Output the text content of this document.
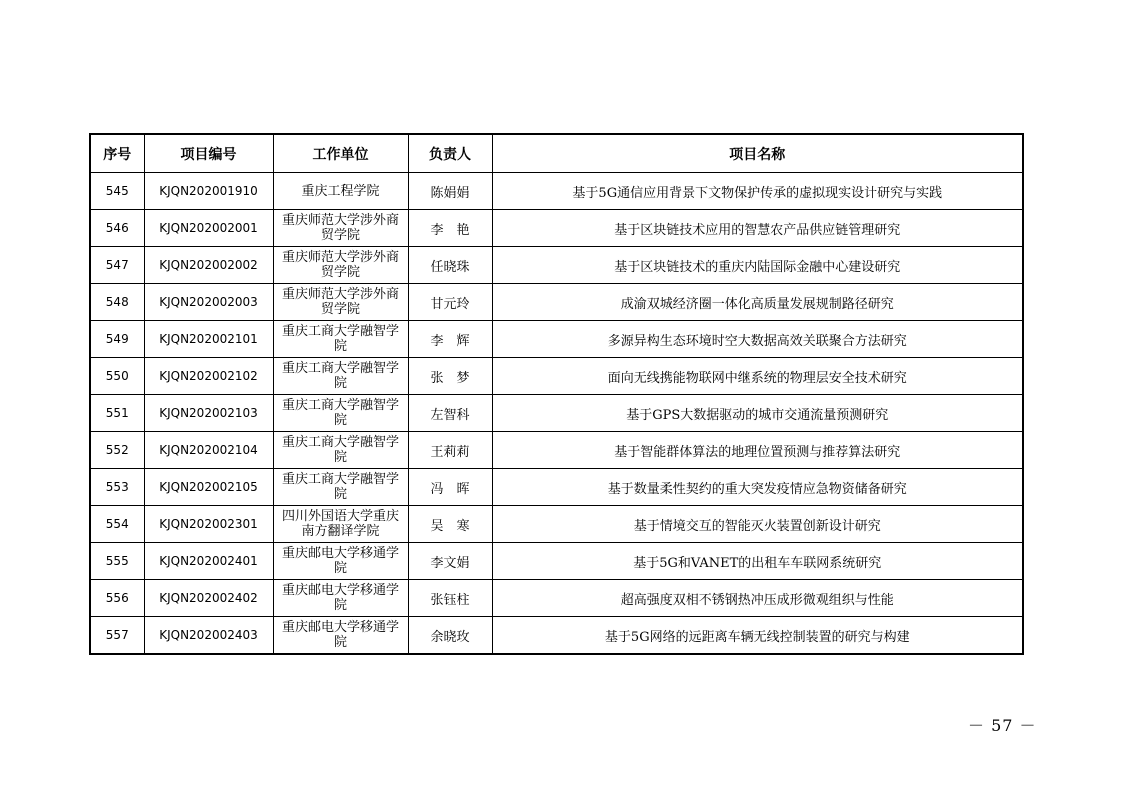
序号	项目编号	工作单位	负责人	项目名称
545	KJQN202001910	重庆工程学院	陈娟娟	基于5G通信应用背景下文物保护传承的虚拟现实设计研究与实践
546	KJQN202002001	重庆师范大学涉外商贸学院	李　艳	基于区块链技术应用的智慧农产品供应链管理研究
547	KJQN202002002	重庆师范大学涉外商贸学院	任晓珠	基于区块链技术的重庆内陆国际金融中心建设研究
548	KJQN202002003	重庆师范大学涉外商贸学院	甘元玲	成渝双城经济圈一体化高质量发展规制路径研究
549	KJQN202002101	重庆工商大学融智学院	李　辉	多源异构生态环境时空大数据高效关联聚合方法研究
550	KJQN202002102	重庆工商大学融智学院	张　梦	面向无线携能物联网中继系统的物理层安全技术研究
551	KJQN202002103	重庆工商大学融智学院	左智科	基于GPS大数据驱动的城市交通流量预测研究
552	KJQN202002104	重庆工商大学融智学院	王莉莉	基于智能群体算法的地理位置预测与推荐算法研究
553	KJQN202002105	重庆工商大学融智学院	冯　晖	基于数量柔性契约的重大突发疫情应急物资储备研究
554	KJQN202002301	四川外国语大学重庆南方翻译学院	吴　寒	基于情境交互的智能灭火装置创新设计研究
555	KJQN202002401	重庆邮电大学移通学院	李文娟	基于5G和VANET的出租车车联网系统研究
556	KJQN202002402	重庆邮电大学移通学院	张钰柱	超高强度双相不锈钢热冲压成形微观组织与性能
557	KJQN202002403	重庆邮电大学移通学院	余晓玫	基于5G网络的远距离车辆无线控制装置的研究与构建
－ 57 －
